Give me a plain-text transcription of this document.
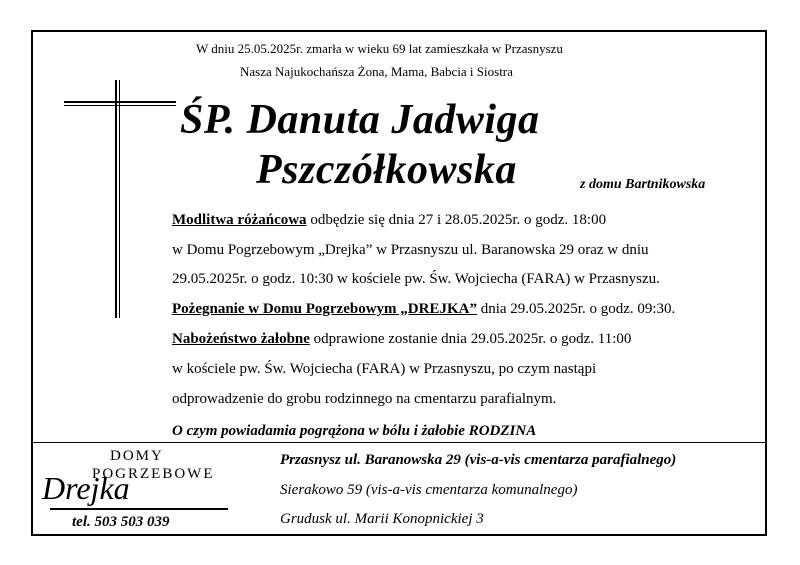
W dniu 25.05.2025r. zmarła w wieku 69 lat zamieszkała w Przasnyszu
Nasza Najukochańsza Żona, Mama, Babcia i Siostra
ŚP. Danuta Jadwiga
Pszczółkowska	z domu Bartnikowska
Modlitwa różańcowa odbędzie się dnia 27 i 28.05.2025r. o godz. 18:00
w Domu Pogrzebowym „Drejka” w Przasnyszu ul. Baranowska 29 oraz w dniu
29.05.2025r. o godz. 10:30 w kościele pw. Św. Wojciecha (FARA) w Przasnyszu.
Pożegnanie w Domu Pogrzebowym „DREJKA” dnia 29.05.2025r. o godz. 09:30.
Nabożeństwo żałobne odprawione zostanie dnia 29.05.2025r. o godz. 11:00
w kościele pw. Św. Wojciecha (FARA) w Przasnyszu, po czym nastąpi
odprowadzenie do grobu rodzinnego na cmentarzu parafialnym.
O czym powiadamia pogrążona w bólu i żałobie RODZINA
DOMY
POGRZEBOWE
Drejka
tel. 503 503 039
Przasnysz ul. Baranowska 29 (vis-a-vis cmentarza parafialnego)
Sierakowo 59 (vis-a-vis cmentarza komunalnego)
Grudusk ul. Marii Konopnickiej 3
